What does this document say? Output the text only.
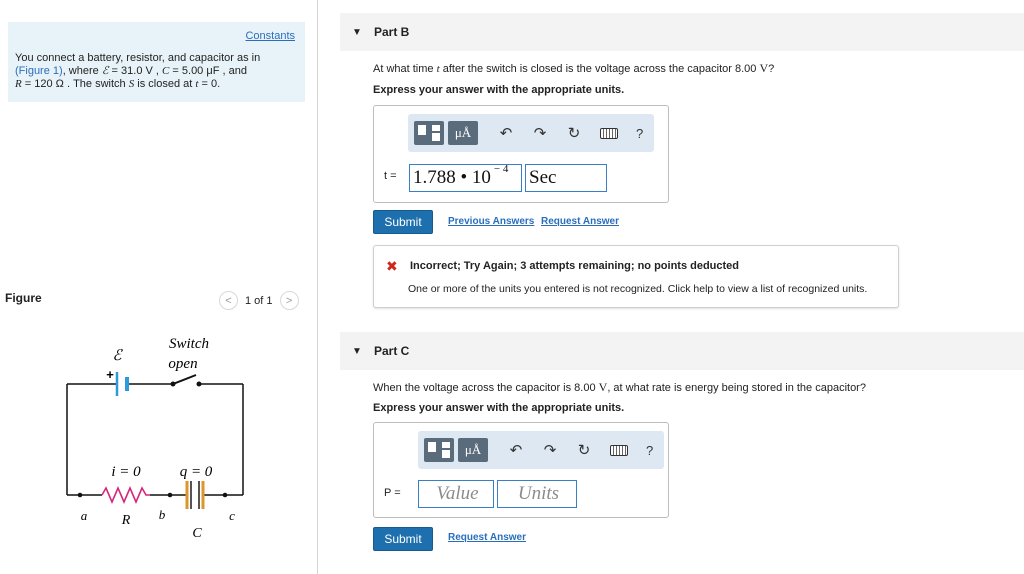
Constants
You connect a battery, resistor, and capacitor as in
(Figure 1), where ℰ = 31.0 V , C = 5.00 μF , and
R = 120 Ω . The switch S is closed at t = 0.
Figure	<	1 of 1	>
ℰ
+
Switch
open
i = 0	q = 0
a	b	c
R
C
▼ Part B
At what time t after the switch is closed is the voltage across the capacitor 8.00 V?
Express your answer with the appropriate units.
μÅ	↶	↷	↻	?
t = 1.788 • 10 − 4 Sec
Submit	Previous Answers Request Answer
✖ Incorrect; Try Again; 3 attempts remaining; no points deducted
One or more of the units you entered is not recognized. Click help to view a list of recognized units.
▼ Part C
When the voltage across the capacitor is 8.00 V, at what rate is energy being stored in the capacitor?
Express your answer with the appropriate units.
μÅ	↶	↷	↻	?
P = Value Units
Submit	Request Answer
